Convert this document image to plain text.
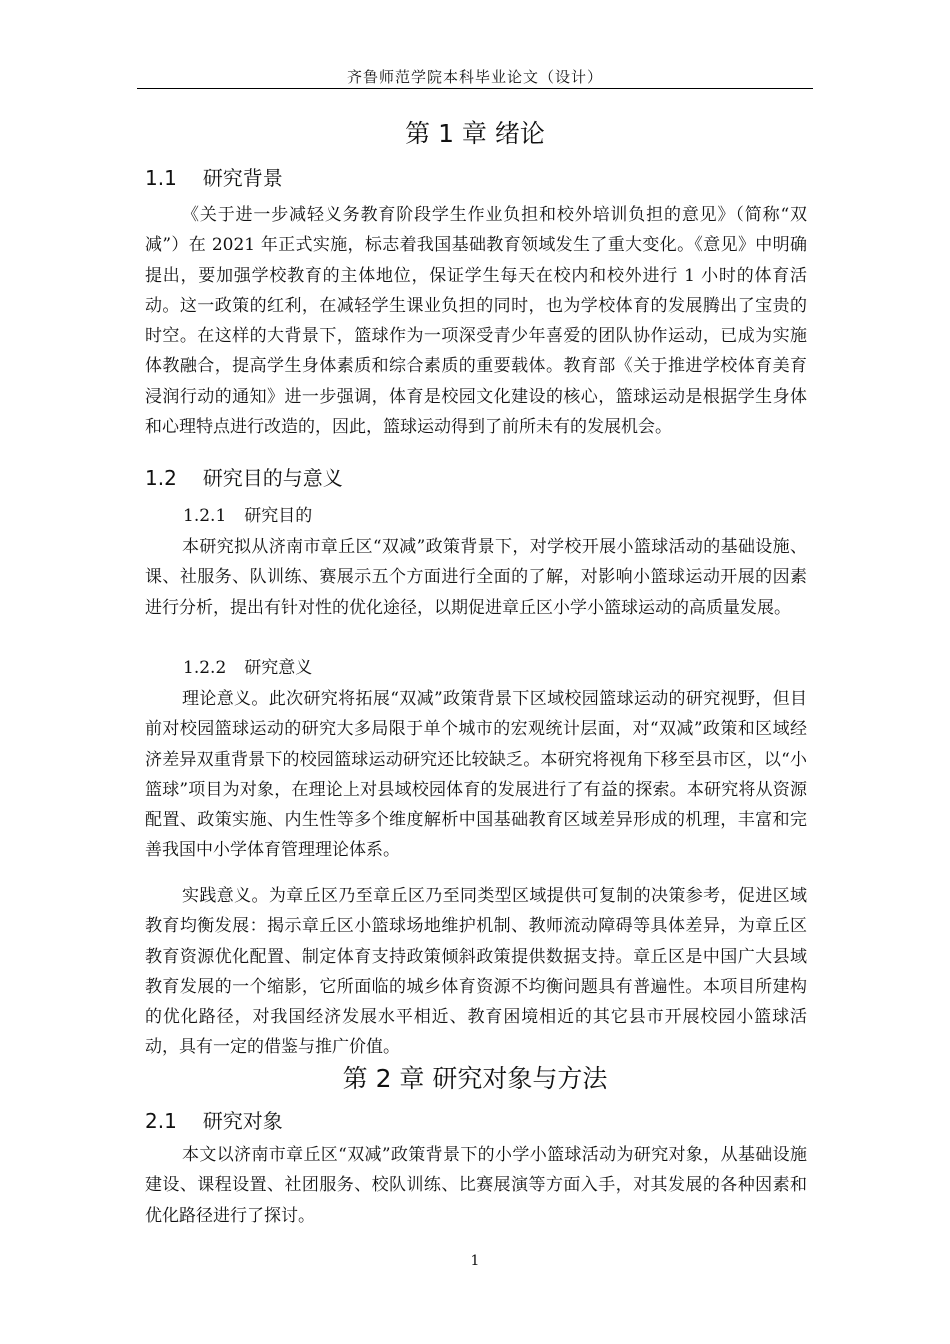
齐鲁师范学院本科毕业论文（设计）
第 1 章 绪论
1.1 研究背景

《关于进一步减轻义务教育阶段学生作业负担和校外培训负担的意见》（简称“双减”）在 2021 年正式实施，标志着我国基础教育领域发生了重大变化。《意见》中明确提出，要加强学校教育的主体地位，保证学生每天在校内和校外进行 1 小时的体育活动。这一政策的红利，在减轻学生课业负担的同时，也为学校体育的发展腾出了宝贵的时空。在这样的大背景下，篮球作为一项深受青少年喜爱的团队协作运动，已成为实施体教融合，提高学生身体素质和综合素质的重要载体。教育部《关于推进学校体育美育浸润行动的通知》进一步强调，体育是校园文化建设的核心，篮球运动是根据学生身体和心理特点进行改造的，因此，篮球运动得到了前所未有的发展机会。

1.2 研究目的与意义
1.2.1 研究目的

本研究拟从济南市章丘区“双减”政策背景下，对学校开展小篮球活动的基础设施、课、社服务、队训练、赛展示五个方面进行全面的了解，对影响小篮球运动开展的因素进行分析，提出有针对性的优化途径，以期促进章丘区小学小篮球运动的高质量发展。

1.2.2 研究意义

理论意义。此次研究将拓展“双减”政策背景下区域校园篮球运动的研究视野，但目前对校园篮球运动的研究大多局限于单个城市的宏观统计层面，对“双减”政策和区域经济差异双重背景下的校园篮球运动研究还比较缺乏。本研究将视角下移至县市区，以“小篮球”项目为对象，在理论上对县域校园体育的发展进行了有益的探索。本研究将从资源配置、政策实施、内生性等多个维度解析中国基础教育区域差异形成的机理，丰富和完善我国中小学体育管理理论体系。

实践意义。为章丘区乃至章丘区乃至同类型区域提供可复制的决策参考，促进区域教育均衡发展：揭示章丘区小篮球场地维护机制、教师流动障碍等具体差异，为章丘区教育资源优化配置、制定体育支持政策倾斜政策提供数据支持。章丘区是中国广大县域教育发展的一个缩影，它所面临的城乡体育资源不均衡问题具有普遍性。本项目所建构的优化路径，对我国经济发展水平相近、教育困境相近的其它县市开展校园小篮球活动，具有一定的借鉴与推广价值。

第 2 章 研究对象与方法
2.1 研究对象

本文以济南市章丘区“双减”政策背景下的小学小篮球活动为研究对象，从基础设施建设、课程设置、社团服务、校队训练、比赛展演等方面入手，对其发展的各种因素和优化路径进行了探讨。

1
